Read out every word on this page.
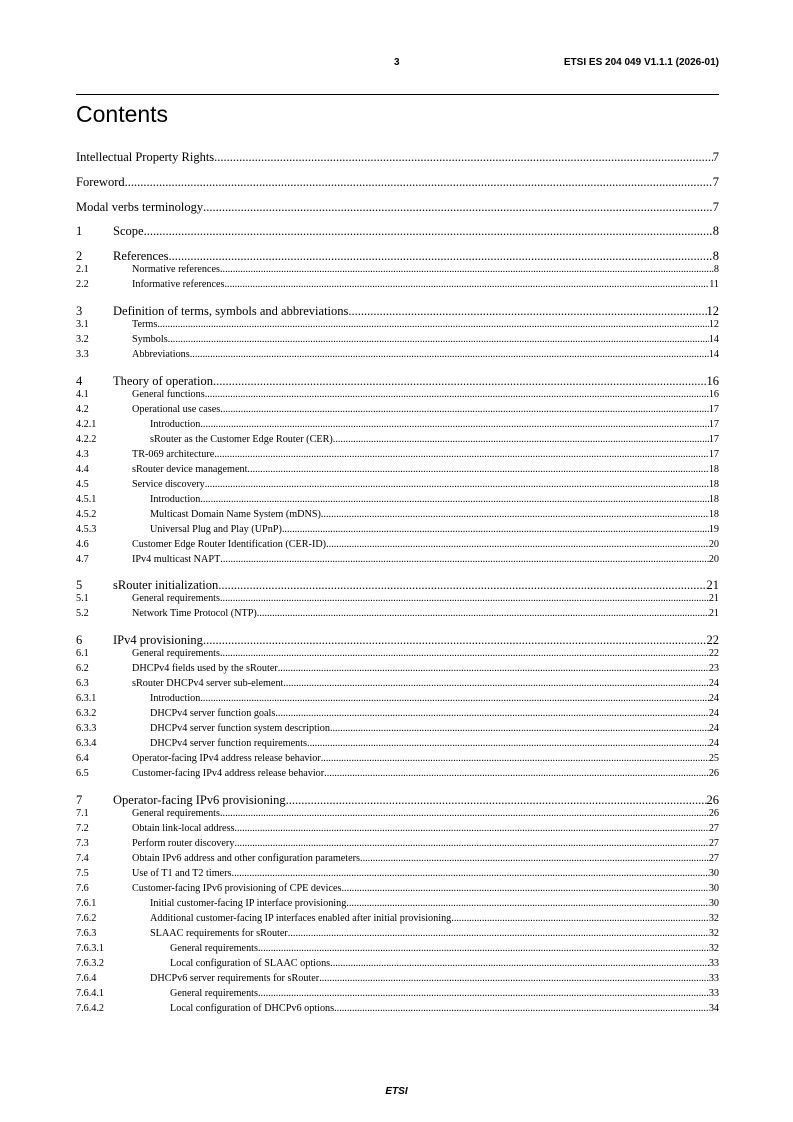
3	ETSI ES 204 049 V1.1.1 (2026-01)
Contents
Intellectual Property Rights .....	7
Foreword .....	7
Modal verbs terminology .....	7
1	Scope .....	8
2	References .....	8
2.1	Normative references .....	8
2.2	Informative references .....	11
3	Definition of terms, symbols and abbreviations .....	12
3.1	Terms .....	12
3.2	Symbols .....	14
3.3	Abbreviations .....	14
4	Theory of operation .....	16
4.1	General functions .....	16
4.2	Operational use cases .....	17
4.2.1	Introduction .....	17
4.2.2	sRouter as the Customer Edge Router (CER) .....	17
4.3	TR-069 architecture .....	17
4.4	sRouter device management .....	18
4.5	Service discovery .....	18
4.5.1	Introduction .....	18
4.5.2	Multicast Domain Name System (mDNS) .....	18
4.5.3	Universal Plug and Play (UPnP) .....	19
4.6	Customer Edge Router Identification (CER-ID) .....	20
4.7	IPv4 multicast NAPT .....	20
5	sRouter initialization .....	21
5.1	General requirements .....	21
5.2	Network Time Protocol (NTP) .....	21
6	IPv4 provisioning .....	22
6.1	General requirements .....	22
6.2	DHCPv4 fields used by the sRouter .....	23
6.3	sRouter DHCPv4 server sub-element .....	24
6.3.1	Introduction .....	24
6.3.2	DHCPv4 server function goals .....	24
6.3.3	DHCPv4 server function system description .....	24
6.3.4	DHCPv4 server function requirements .....	24
6.4	Operator-facing IPv4 address release behavior .....	25
6.5	Customer-facing IPv4 address release behavior .....	26
7	Operator-facing IPv6 provisioning .....	26
7.1	General requirements .....	26
7.2	Obtain link-local address .....	27
7.3	Perform router discovery .....	27
7.4	Obtain IPv6 address and other configuration parameters .....	27
7.5	Use of T1 and T2 timers .....	30
7.6	Customer-facing IPv6 provisioning of CPE devices .....	30
7.6.1	Initial customer-facing IP interface provisioning .....	30
7.6.2	Additional customer-facing IP interfaces enabled after initial provisioning .....	32
7.6.3	SLAAC requirements for sRouter .....	32
7.6.3.1	General requirements .....	32
7.6.3.2	Local configuration of SLAAC options .....	33
7.6.4	DHCPv6 server requirements for sRouter .....	33
7.6.4.1	General requirements .....	33
7.6.4.2	Local configuration of DHCPv6 options .....	34
ETSI
